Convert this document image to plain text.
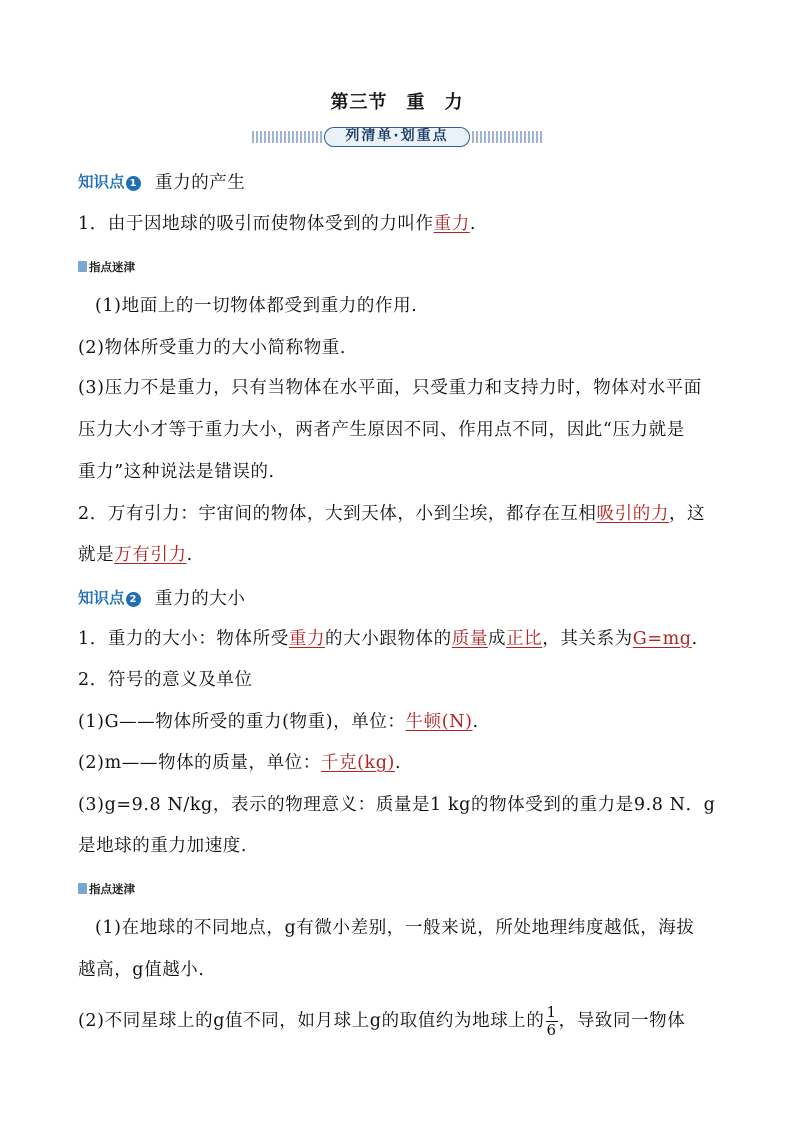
第三节　重　力
列清单·划重点
知识点 1 重力的产生
1．由于因地球的吸引而使物体受到的力叫作重力.
指点迷津
(1)地面上的一切物体都受到重力的作用.
(2)物体所受重力的大小简称物重.
(3)压力不是重力，只有当物体在水平面，只受重力和支持力时，物体对水平面
压力大小才等于重力大小，两者产生原因不同、作用点不同，因此“压力就是
重力”这种说法是错误的.
2．万有引力：宇宙间的物体，大到天体，小到尘埃，都存在互相吸引的力，这
就是万有引力.
知识点 2 重力的大小
1．重力的大小：物体所受重力的大小跟物体的质量成正比，其关系为G=mg.
2．符号的意义及单位
(1)G——物体所受的重力(物重)，单位：牛顿(N).
(2)m——物体的质量，单位：千克(kg).
(3)g=9.8 N/kg，表示的物理意义：质量是1 kg的物体受到的重力是9.8 N．g
是地球的重力加速度.
指点迷津
(1)在地球的不同地点，g有微小差别，一般来说，所处地理纬度越低，海拔
越高，g值越小.
(2)不同星球上的g值不同，如月球上g的取值约为地球上的 $\frac{1}{6}$ ，导致同一物体
